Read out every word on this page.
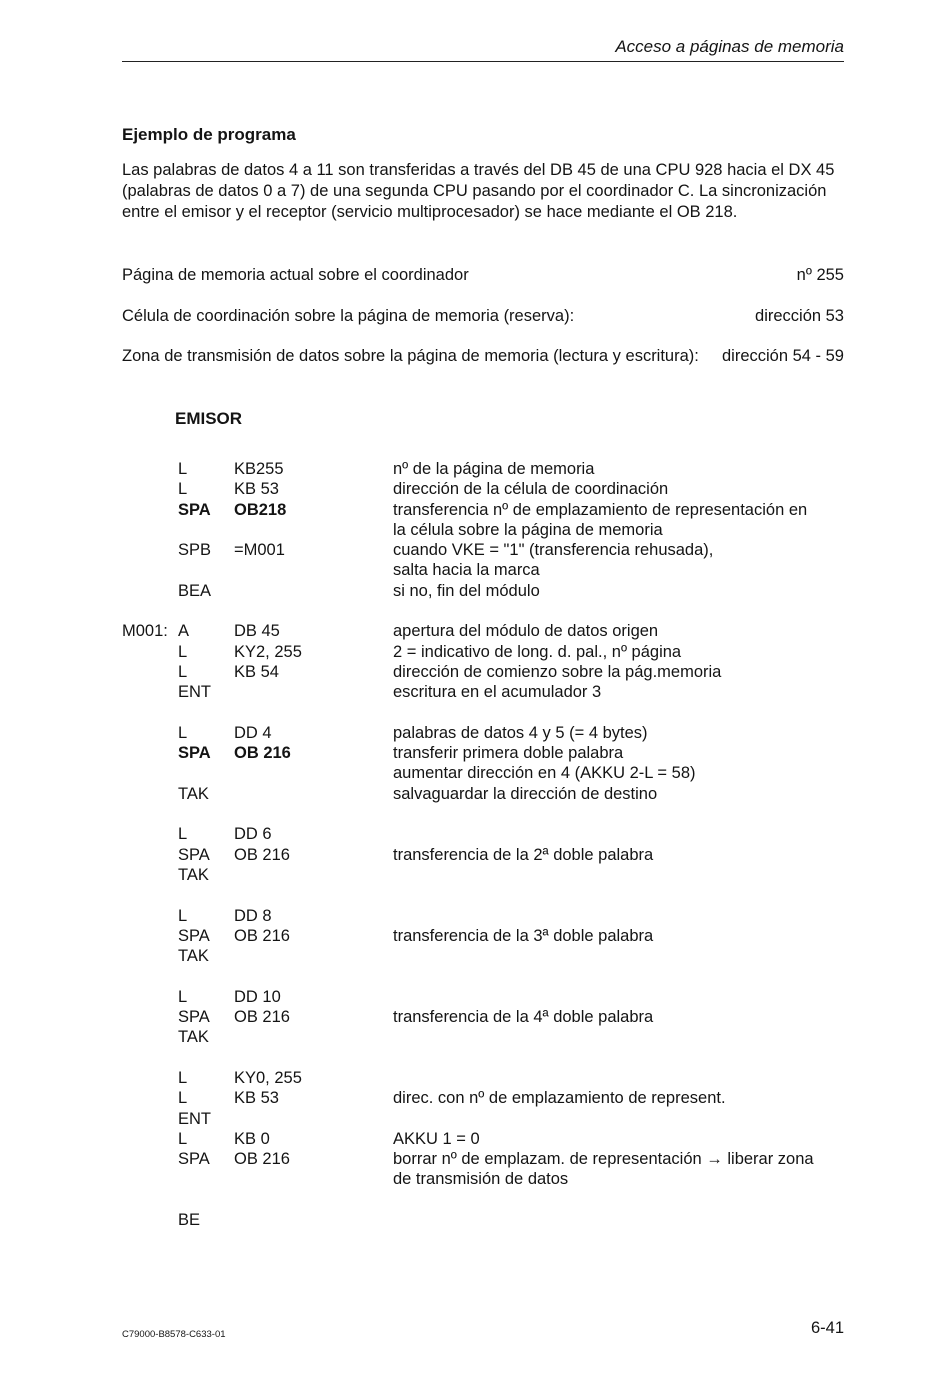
Acceso a páginas de memoria
Ejemplo de programa

Las palabras de datos 4 a 11 son transferidas a través del DB 45 de una CPU 928 hacia el DX 45 (palabras de datos 0 a 7) de una segunda CPU pasando por el coordinador C. La sincronización entre el emisor y el receptor (servicio multiprocesador) se hace mediante el OB 218.

Página de memoria actual sobre el coordinador	nº 255
Célula de coordinación sobre la página de memoria (reserva):	dirección 53
Zona de transmisión de datos sobre la página de memoria (lectura y escritura): dirección 54 - 59
EMISOR
L	KB255	nº de la página de memoria
L	KB 53	dirección de la célula de coordinación
SPA OB218	transferencia nº de emplazamiento de representación en
la célula sobre la página de memoria
SPB =M001	cuando VKE = "1" (transferencia rehusada),
salta hacia la marca
BEA	si no, fin del módulo
M001: A	DB 45	apertura del módulo de datos origen
L	KY2, 255	2 = indicativo de long. d. pal., nº página
L	KB 54	dirección de comienzo sobre la pág.memoria
ENT	escritura en el acumulador 3
L	DD 4	palabras de datos 4 y 5 (= 4 bytes)
SPA OB 216	transferir primera doble palabra
aumentar dirección en 4 (AKKU 2-L = 58)
TAK	salvaguardar la dirección de destino
L	DD 6
SPA OB 216	transferencia de la 2ª doble palabra
TAK
L	DD 8
SPA OB 216	transferencia de la 3ª doble palabra
TAK
L	DD 10
SPA OB 216	transferencia de la 4ª doble palabra
TAK
L	KY0, 255
L	KB 53	direc. con nº de emplazamiento de represent.
ENT
L	KB 0	AKKU 1 = 0
SPA OB 216	borrar nº de emplazam. de representación → liberar zona
de transmisión de datos
BE
C79000-B8578-C633-01	6-41
